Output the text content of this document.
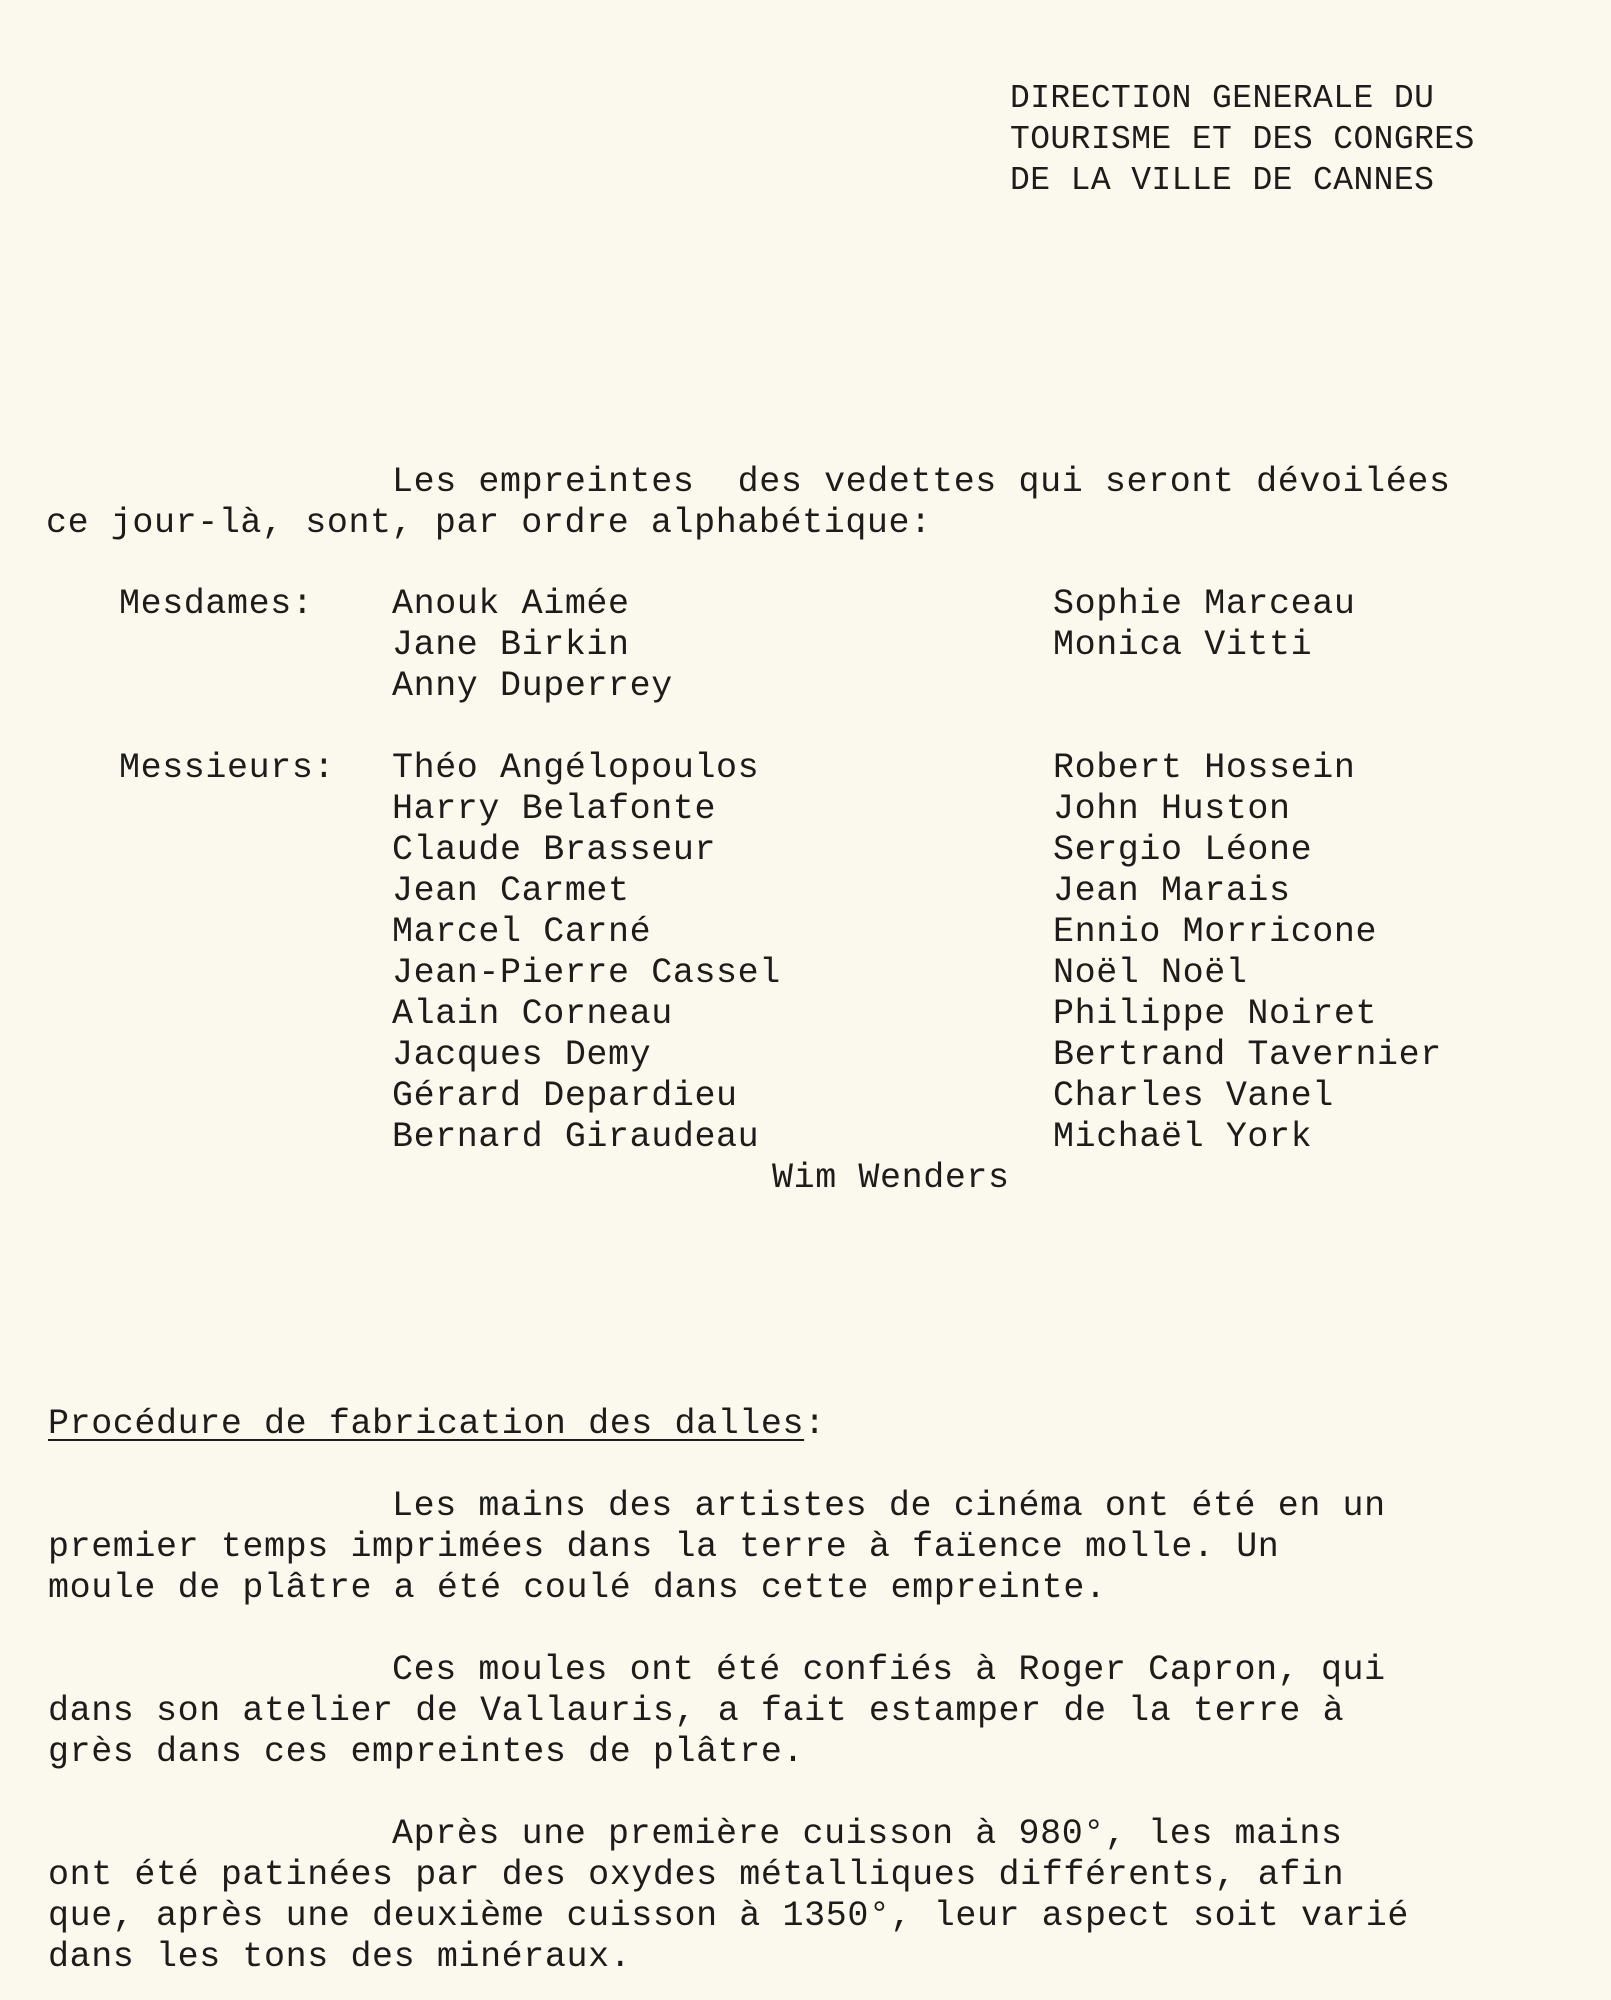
DIRECTION GENERALE DU
TOURISME ET DES CONGRES
DE LA VILLE DE CANNES
Les empreintes  des vedettes qui seront dévoilées
ce jour-là, sont, par ordre alphabétique:
Mesdames: Anouk Aimée
Jane Birkin
Anny Duperrey
Sophie Marceau
Monica Vitti
Messieurs: Théo Angélopoulos
Harry Belafonte
Claude Brasseur
Jean Carmet
Marcel Carné
Jean-Pierre Cassel
Alain Corneau
Jacques Demy
Gérard Depardieu
Bernard Giraudeau
Robert Hossein
John Huston
Sergio Léone
Jean Marais
Ennio Morricone
Noël Noël
Philippe Noiret
Bertrand Tavernier
Charles Vanel
Michaël York
Wim Wenders
Procédure de fabrication des dalles:
Les mains des artistes de cinéma ont été en un
premier temps imprimées dans la terre à faïence molle. Un
moule de plâtre a été coulé dans cette empreinte.
Ces moules ont été confiés à Roger Capron, qui
dans son atelier de Vallauris, a fait estamper de la terre à
grès dans ces empreintes de plâtre.
Après une première cuisson à 980°, les mains
ont été patinées par des oxydes métalliques différents, afin
que, après une deuxième cuisson à 1350°, leur aspect soit varié
dans les tons des minéraux.
